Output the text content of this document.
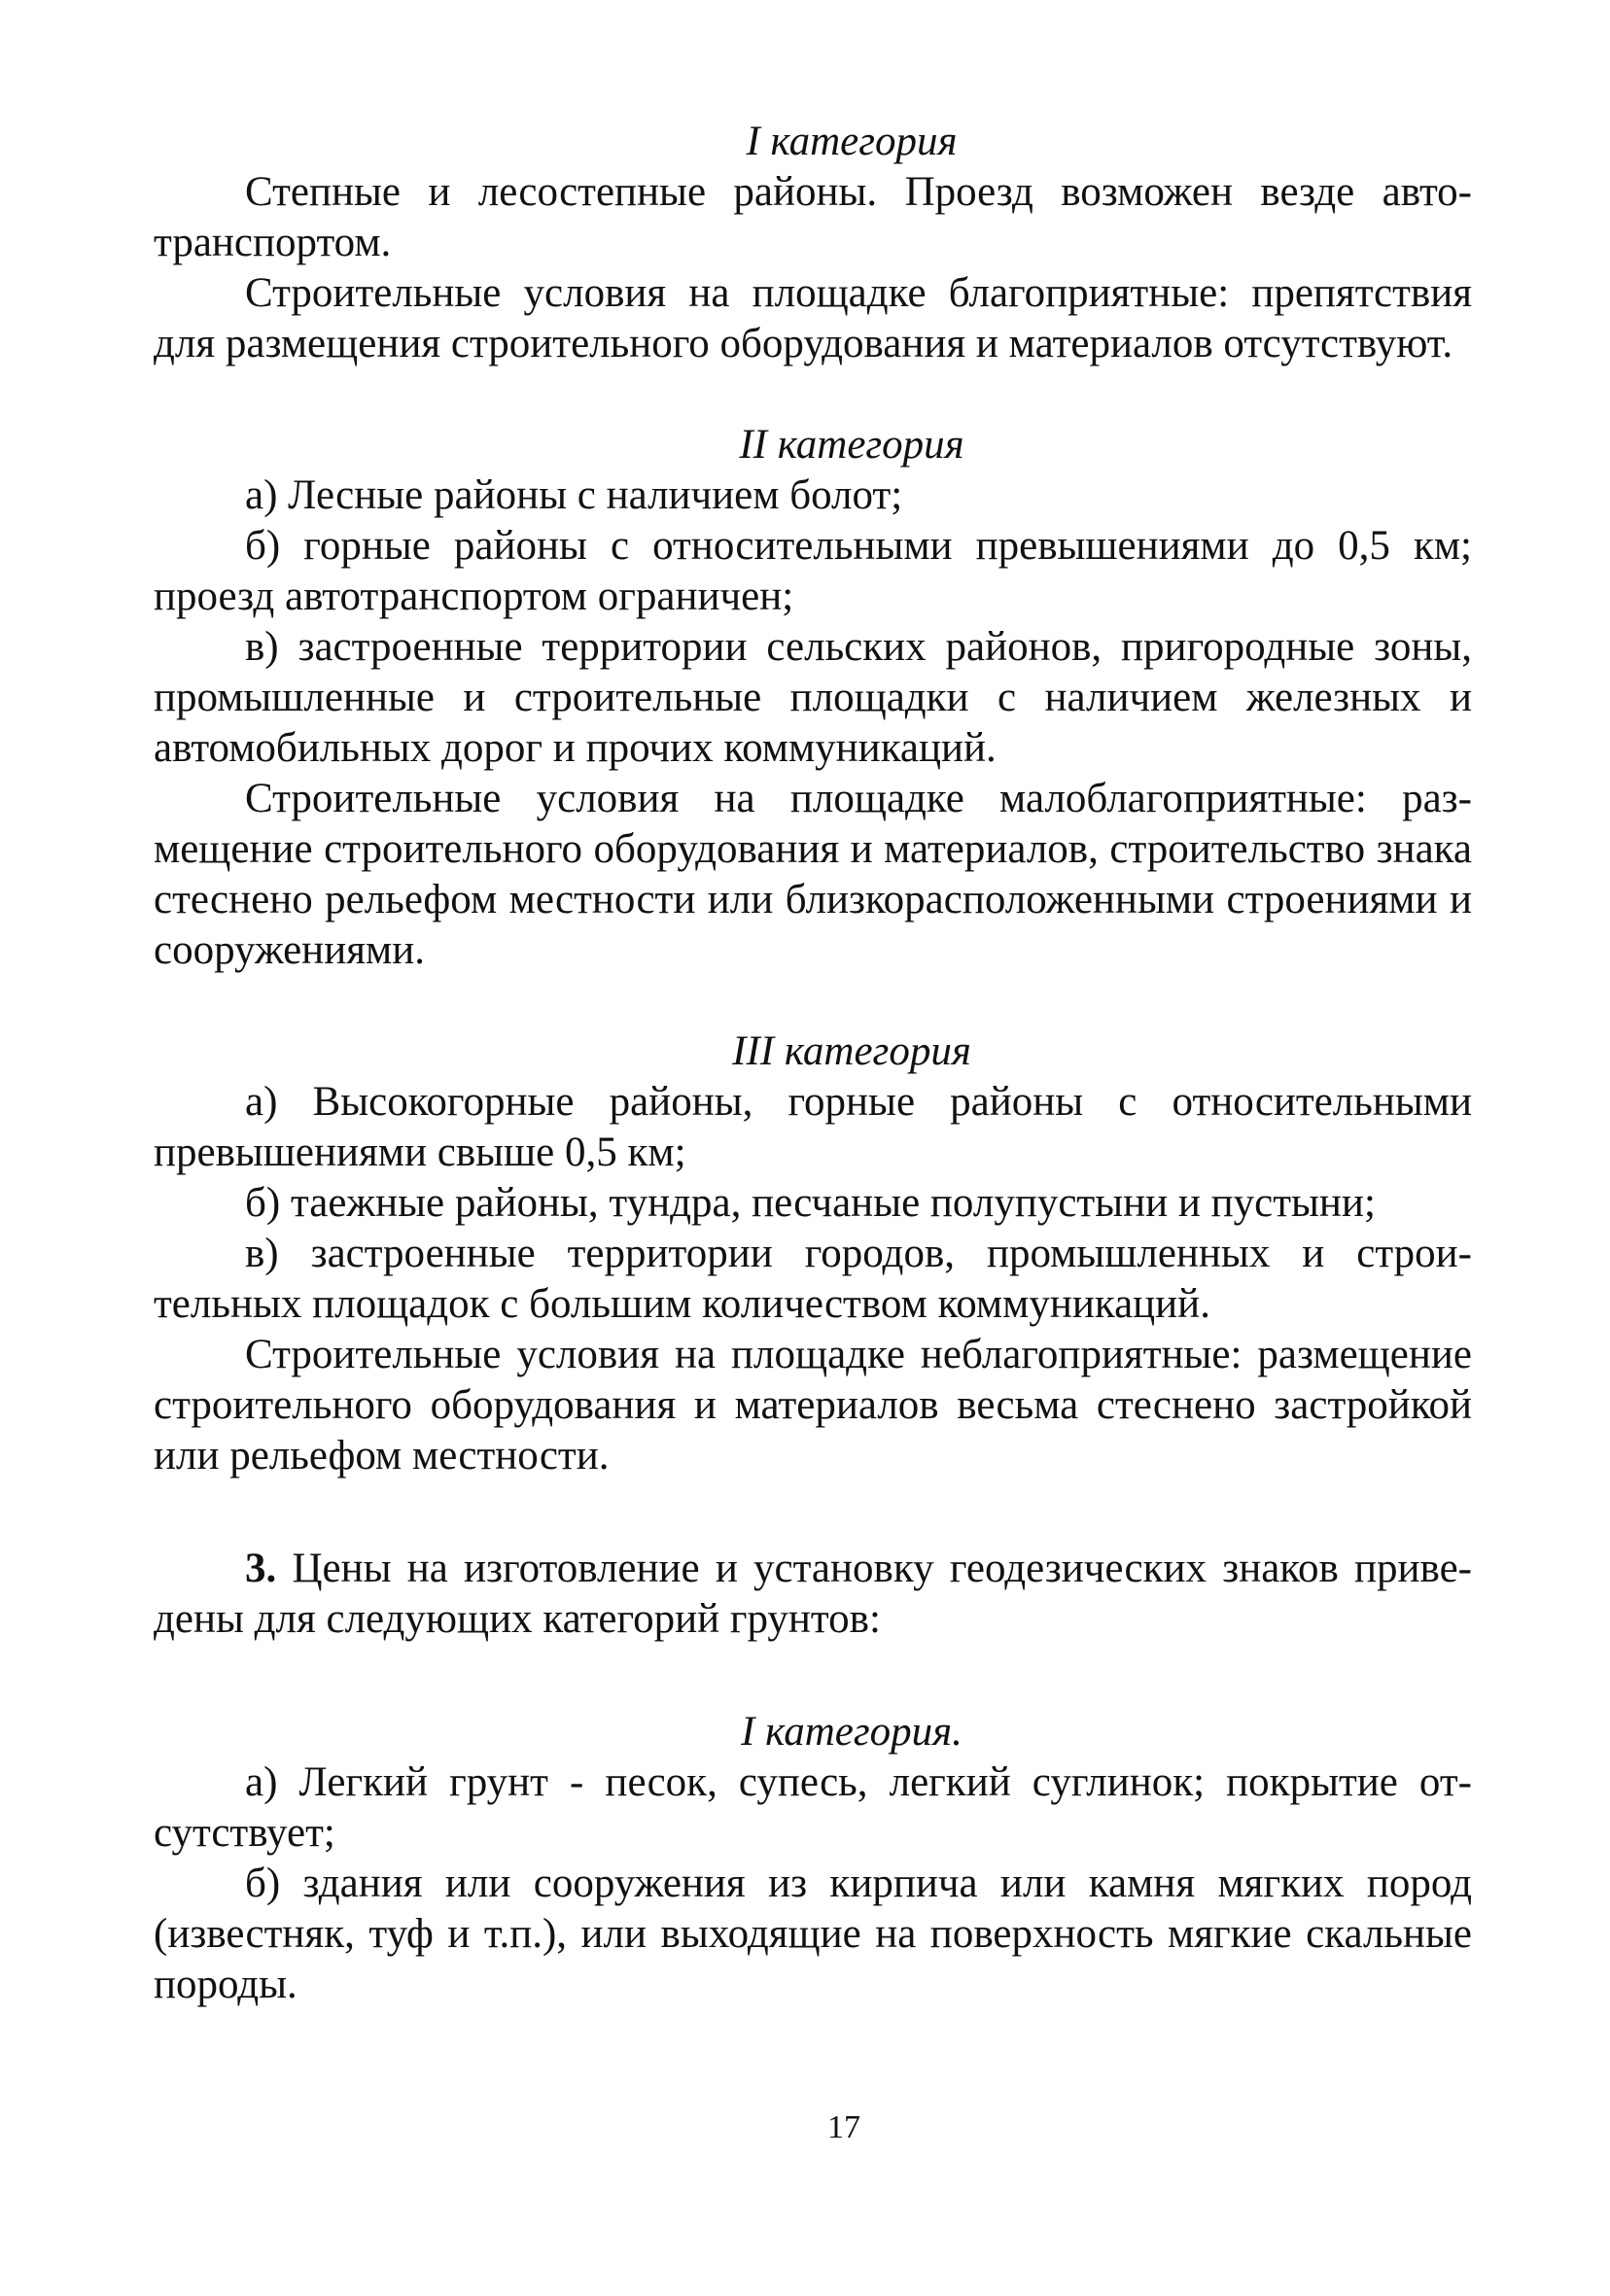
I категория

Степные и лесостепные районы. Проезд возможен везде автотранспортом.

Строительные условия на площадке благоприятные: препятствия для размещения строительного оборудования и материалов отсутствуют.

II категория

а) Лесные районы с наличием болот;

б) горные районы с относительными превышениями до 0,5 км; проезд автотранспортом ограничен;

в) застроенные территории сельских районов, пригородные зоны, промышленные и строительные площадки с наличием железных и автомобильных дорог и прочих коммуникаций.

Строительные условия на площадке малоблагоприятные: размещение строительного оборудования и материалов, строительство знака стеснено рельефом местности или близкорасположенными строениями и сооружениями.

III категория

а) Высокогорные районы, горные районы с относительными превышениями свыше 0,5 км;

б) таежные районы, тундра, песчаные полупустыни и пустыни;

в) застроенные территории городов, промышленных и строительных площадок с большим количеством коммуникаций.

Строительные условия на площадке неблагоприятные: размещение строительного оборудования и материалов весьма стеснено застройкой или рельефом местности.

3. Цены на изготовление и установку геодезических знаков приведены для следующих категорий грунтов:

I категория.

а) Легкий грунт - песок, супесь, легкий суглинок; покрытие отсутствует;

б) здания или сооружения из кирпича или камня мягких пород (известняк, туф и т.п.), или выходящие на поверхность мягкие скальные породы.

17
